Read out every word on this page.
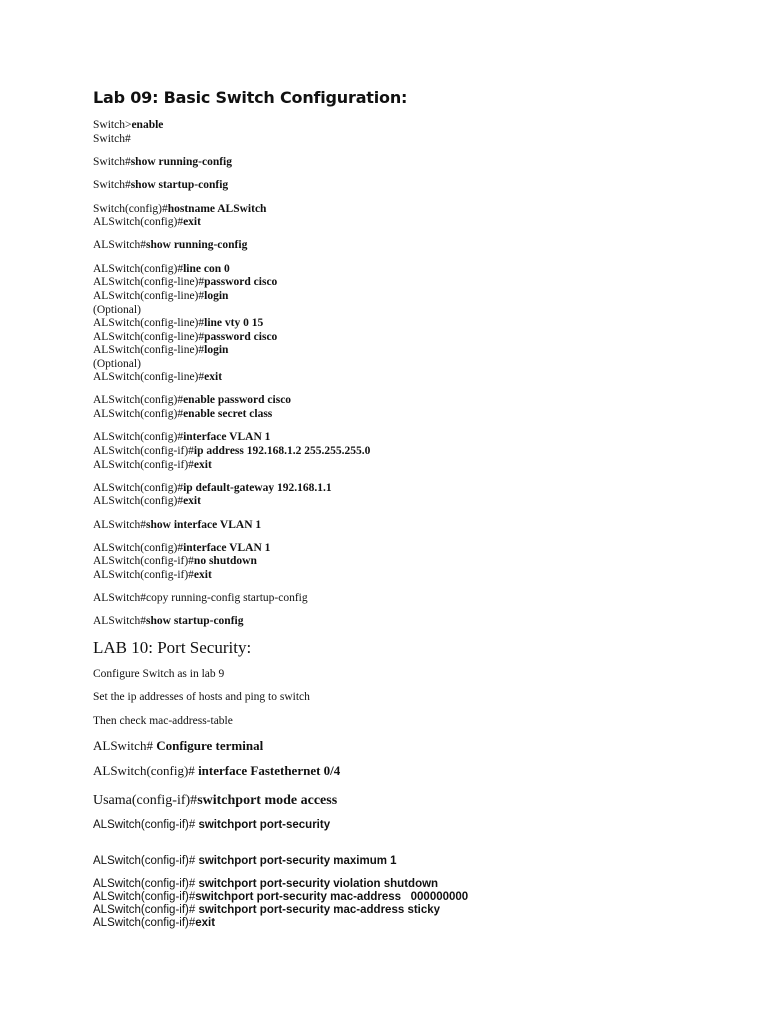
Lab 09: Basic Switch Configuration:
Switch>enable
Switch#
Switch#show running-config
Switch#show startup-config
Switch(config)#hostname ALSwitch
ALSwitch(config)#exit
ALSwitch#show running-config
ALSwitch(config)#line con 0
ALSwitch(config-line)#password cisco
ALSwitch(config-line)#login
(Optional)
ALSwitch(config-line)#line vty 0 15
ALSwitch(config-line)#password cisco
ALSwitch(config-line)#login
(Optional)
ALSwitch(config-line)#exit
ALSwitch(config)#enable password cisco
ALSwitch(config)#enable secret class
ALSwitch(config)#interface VLAN 1
ALSwitch(config-if)#ip address 192.168.1.2 255.255.255.0
ALSwitch(config-if)#exit
ALSwitch(config)#ip default-gateway 192.168.1.1
ALSwitch(config)#exit
ALSwitch#show interface VLAN 1
ALSwitch(config)#interface VLAN 1
ALSwitch(config-if)#no shutdown
ALSwitch(config-if)#exit
ALSwitch#copy running-config startup-config
ALSwitch#show startup-config
LAB 10: Port Security:
Configure Switch as in lab 9
Set the ip addresses of hosts and ping to switch
Then check mac-address-table
ALSwitch# Configure terminal
ALSwitch(config)# interface Fastethernet 0/4
Usama(config-if)#switchport mode access
ALSwitch(config-if)# switchport port-security
ALSwitch(config-if)# switchport port-security maximum 1
ALSwitch(config-if)# switchport port-security violation shutdown
ALSwitch(config-if)#switchport port-security mac-address   000000000
ALSwitch(config-if)# switchport port-security mac-address sticky
ALSwitch(config-if)#exit
